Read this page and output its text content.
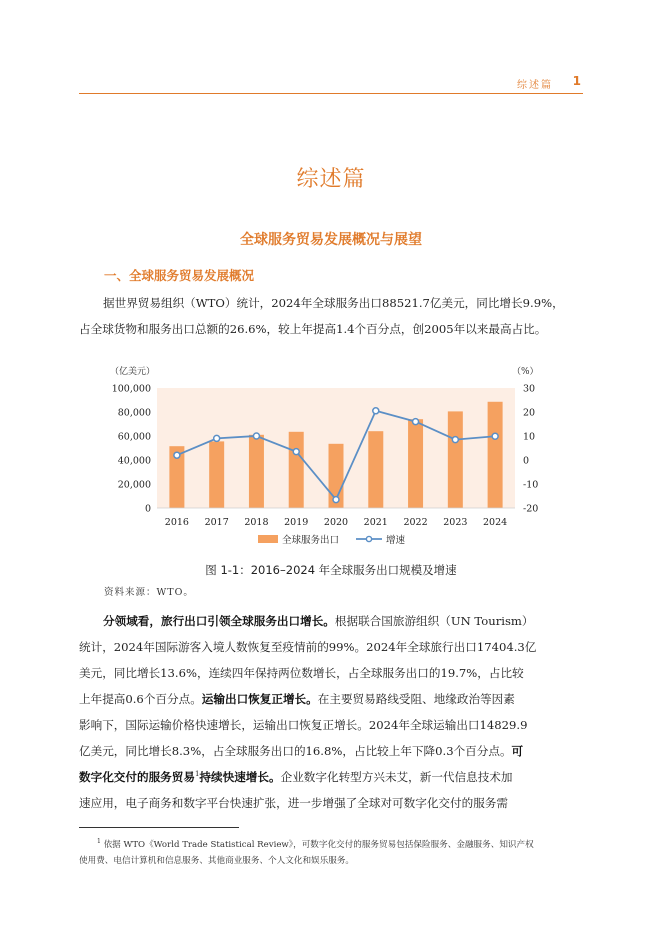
综述篇 1
综述篇
全球服务贸易发展概况与展望
一、全球服务贸易发展概况
据世界贸易组织（WTO）统计，2024年全球服务出口88521.7亿美元，同比增长9.9%，
占全球货物和服务出口总额的26.6%，较上年提高1.4个百分点，创2005年以来最高占比。
（亿美元）	（%）
100,000
80,000
60,000
40,000
20,000
0
30
20
10
0
-10
-20
2016 2017 2018 2019 2020 2021 2022 2023 2024
全球服务出口	增速
图 1-1：2016–2024 年全球服务出口规模及增速
资料来源：WTO。
分领域看，旅行出口引领全球服务出口增长。根据联合国旅游组织（UN Tourism）
统计，2024年国际游客入境人数恢复至疫情前的99%。2024年全球旅行出口17404.3亿
美元，同比增长13.6%，连续四年保持两位数增长，占全球服务出口的19.7%，占比较
上年提高0.6个百分点。运输出口恢复正增长。在主要贸易路线受阻、地缘政治等因素
影响下，国际运输价格快速增长，运输出口恢复正增长。2024年全球运输出口14829.9
亿美元，同比增长8.3%，占全球服务出口的16.8%，占比较上年下降0.3个百分点。可
数字化交付的服务贸易$^1$持续快速增长。企业数字化转型方兴未艾，新一代信息技术加
速应用，电子商务和数字平台快速扩张，进一步增强了全球对可数字化交付的服务需
$^1$ 依据 WTO《World Trade Statistical Review》，可数字化交付的服务贸易包括保险服务、金融服务、知识产权
使用费、电信计算机和信息服务、其他商业服务、个人文化和娱乐服务。
